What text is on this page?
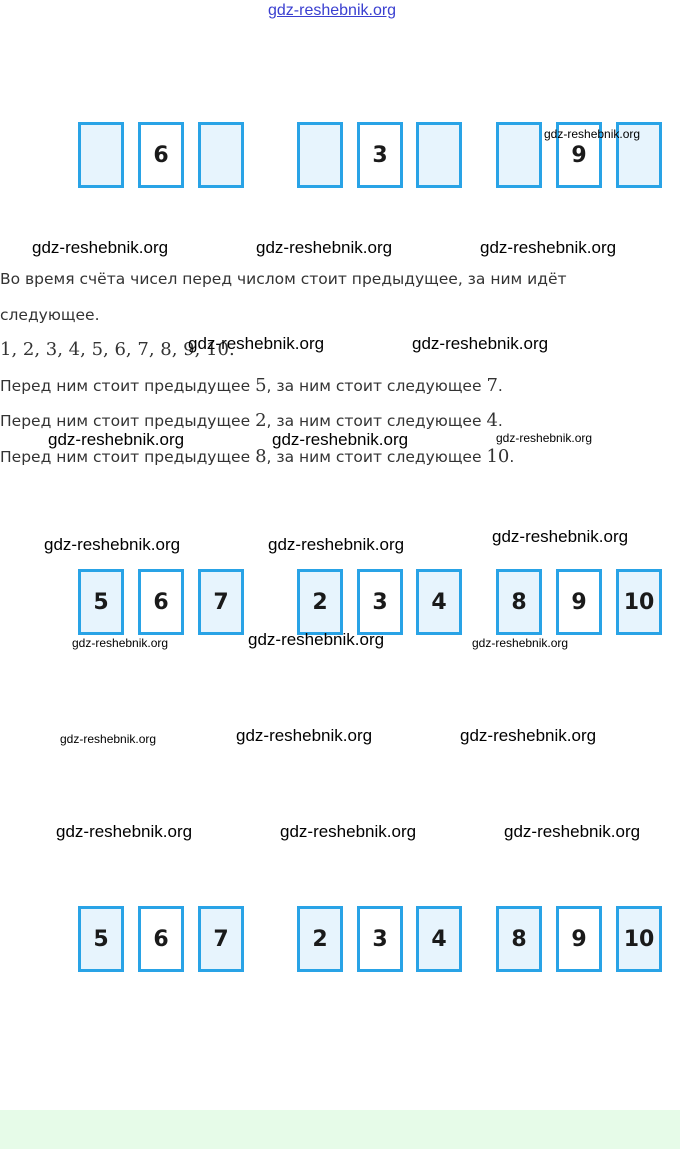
gdz-reshebnik.org
6	3	9
gdz-reshebnik.org
gdz-reshebnik.org	gdz-reshebnik.org	gdz-reshebnik.org
Во время счёта чисел перед числом стоит предыдущее, за ним идёт
следующее.
1, 2, 3, 4, 5, 6, 7, 8, 9, 10.
gdz-reshebnik.org	gdz-reshebnik.org
Перед ним стоит предыдущее 5, за ним стоит следующее 7.
Перед ним стоит предыдущее 2, за ним стоит следующее 4.
gdz-reshebnik.org	gdz-reshebnik.org	gdz-reshebnik.org
Перед ним стоит предыдущее 8, за ним стоит следующее 10.
gdz-reshebnik.org	gdz-reshebnik.org	gdz-reshebnik.org
5	6	7	2	3	4	8	9	10
gdz-reshebnik.org	gdz-reshebnik.org	gdz-reshebnik.org
gdz-reshebnik.org	gdz-reshebnik.org	gdz-reshebnik.org
gdz-reshebnik.org	gdz-reshebnik.org	gdz-reshebnik.org
5	6	7	2	3	4	8	9	10
